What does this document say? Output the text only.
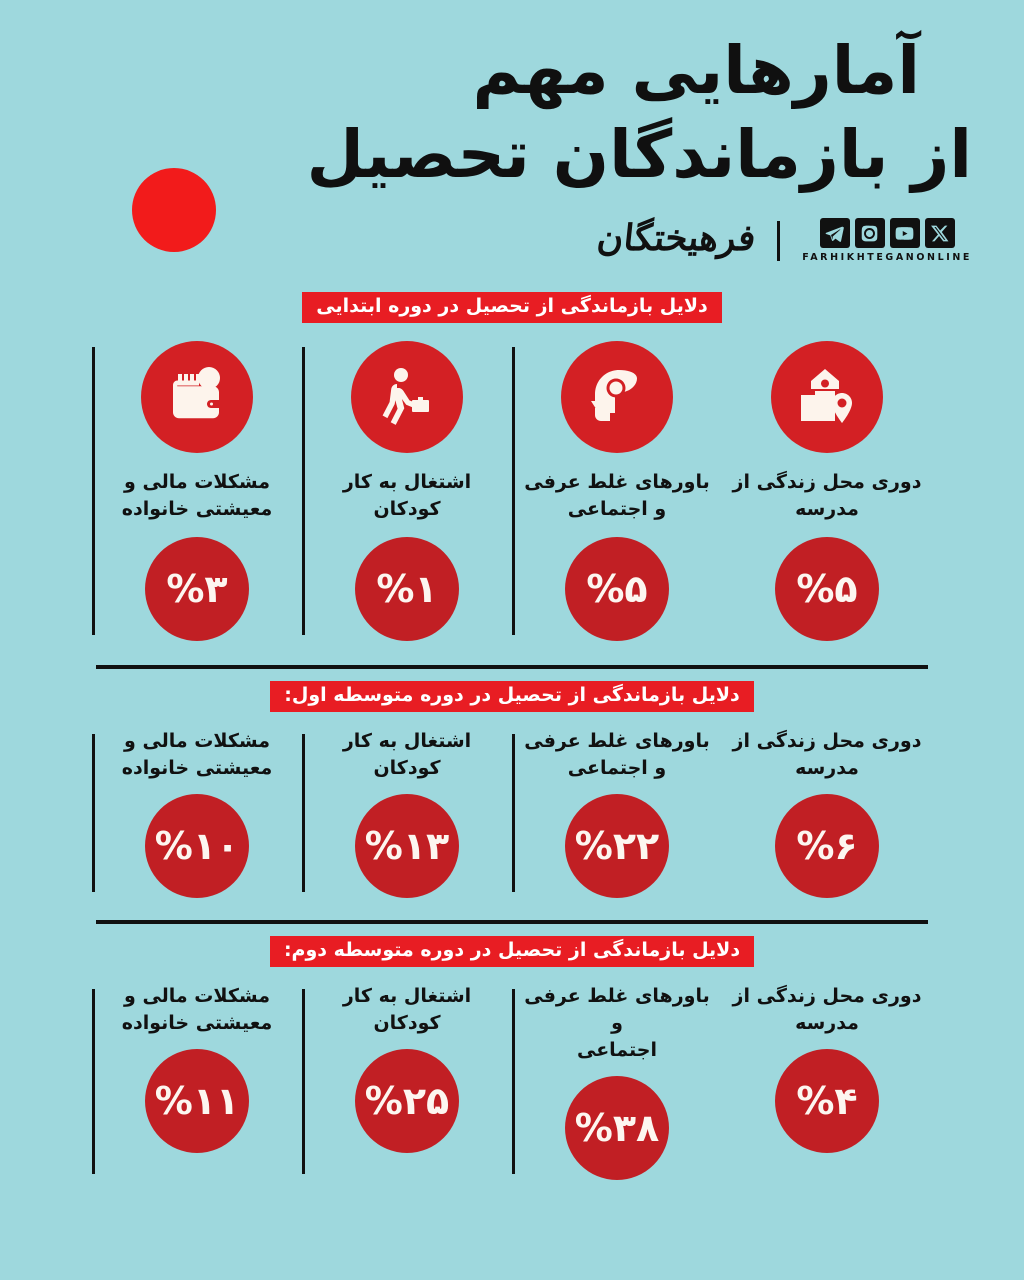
آمارهایی مهم
از بازماندگان تحصیل
فرهیختگان	FARHIKHTEGANONLINE
دلایل بازماندگی از تحصیل در دوره ابتدایی
مشکلات مالی و
معیشتی خانواده
%۳
اشتغال به کار
کودکان
%۱
باورهای غلط عرفی
و اجتماعی
%۵
دوری محل زندگی از
مدرسه
%۵
دلایل بازماندگی از تحصیل در دوره متوسطه اول:
مشکلات مالی و
معیشتی خانواده
%۱۰
اشتغال به کار
کودکان
%۱۳
باورهای غلط عرفی
و اجتماعی
%۲۲
دوری محل زندگی از
مدرسه
%۶
دلایل بازماندگی از تحصیل در دوره متوسطه دوم:
مشکلات مالی و
معیشتی خانواده
%۱۱
اشتغال به کار
کودکان
%۲۵
باورهای غلط عرفی و
اجتماعی
%۳۸
دوری محل زندگی از
مدرسه
%۴
